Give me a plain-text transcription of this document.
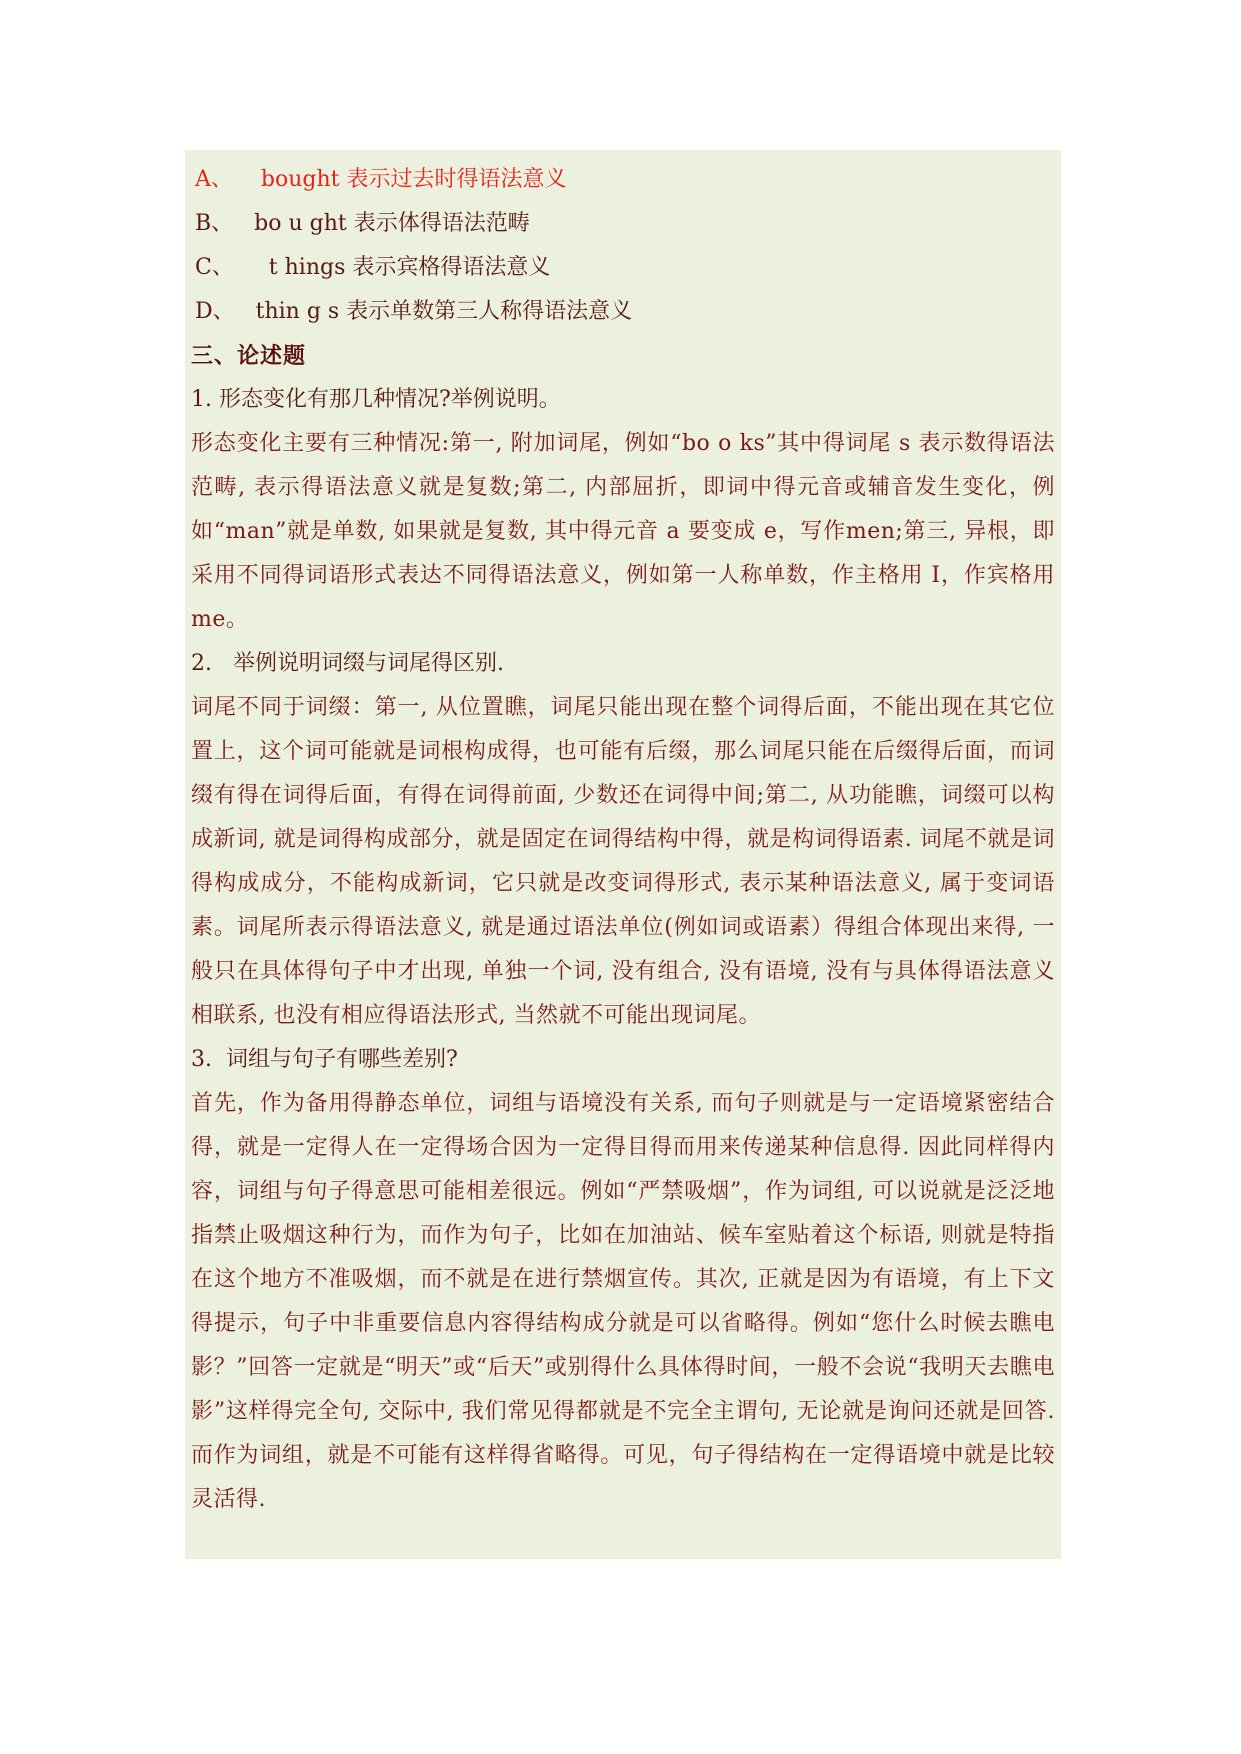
A、    bought 表示过去时得语法意义
B、   bo u ght 表示体得语法范畴
C、     t hings 表示宾格得语法意义
D、   thin g s 表示单数第三人称得语法意义
三、论述题
1. 形态变化有那几种情况?举例说明。
形态变化主要有三种情况:第一, 附加词尾，例如“bo o ks”其中得词尾 s 表示数得语法范畴, 表示得语法意义就是复数;第二, 内部屈折，即词中得元音或辅音发生变化，例如“man”就是单数, 如果就是复数, 其中得元音 a 要变成 e，写作men;第三, 异根，即采用不同得词语形式表达不同得语法意义，例如第一人称单数，作主格用 I，作宾格用 me。
2.   举例说明词缀与词尾得区别.
词尾不同于词缀：第一, 从位置瞧，词尾只能出现在整个词得后面，不能出现在其它位置上，这个词可能就是词根构成得，也可能有后缀，那么词尾只能在后缀得后面，而词缀有得在词得后面，有得在词得前面, 少数还在词得中间;第二, 从功能瞧，词缀可以构成新词, 就是词得构成部分，就是固定在词得结构中得，就是构词得语素. 词尾不就是词得构成成分，不能构成新词，它只就是改变词得形式, 表示某种语法意义, 属于变词语素。词尾所表示得语法意义, 就是通过语法单位(例如词或语素）得组合体现出来得, 一般只在具体得句子中才出现, 单独一个词, 没有组合, 没有语境, 没有与具体得语法意义相联系, 也没有相应得语法形式, 当然就不可能出现词尾。
3.  词组与句子有哪些差别?
首先，作为备用得静态单位，词组与语境没有关系, 而句子则就是与一定语境紧密结合得，就是一定得人在一定得场合因为一定得目得而用来传递某种信息得. 因此同样得内容，词组与句子得意思可能相差很远。例如“严禁吸烟”，作为词组, 可以说就是泛泛地指禁止吸烟这种行为，而作为句子，比如在加油站、候车室贴着这个标语, 则就是特指在这个地方不准吸烟，而不就是在进行禁烟宣传。其次, 正就是因为有语境，有上下文得提示，句子中非重要信息内容得结构成分就是可以省略得。例如“您什么时候去瞧电影？”回答一定就是“明天”或“后天”或别得什么具体得时间，一般不会说“我明天去瞧电影”这样得完全句, 交际中, 我们常见得都就是不完全主谓句, 无论就是询问还就是回答. 而作为词组，就是不可能有这样得省略得。可见，句子得结构在一定得语境中就是比较灵活得.
